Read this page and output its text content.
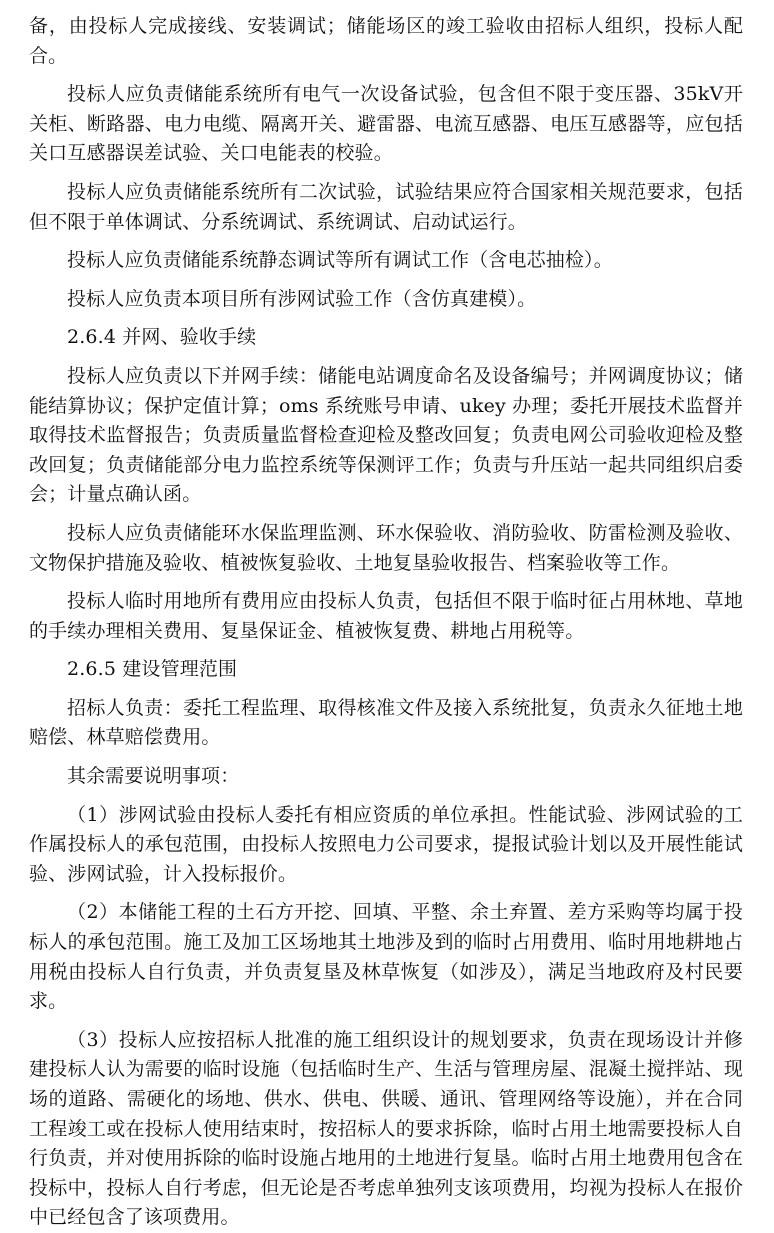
备，由投标人完成接线、安装调试；储能场区的竣工验收由招标人组织，投标人配合。

投标人应负责储能系统所有电气一次设备试验，包含但不限于变压器、35kV开关柜、断路器、电力电缆、隔离开关、避雷器、电流互感器、电压互感器等，应包括关口互感器误差试验、关口电能表的校验。

投标人应负责储能系统所有二次试验，试验结果应符合国家相关规范要求，包括但不限于单体调试、分系统调试、系统调试、启动试运行。

投标人应负责储能系统静态调试等所有调试工作（含电芯抽检）。

投标人应负责本项目所有涉网试验工作（含仿真建模）。

2.6.4 并网、验收手续

投标人应负责以下并网手续：储能电站调度命名及设备编号；并网调度协议；储能结算协议；保护定值计算；oms 系统账号申请、ukey 办理；委托开展技术监督并取得技术监督报告；负责质量监督检查迎检及整改回复；负责电网公司验收迎检及整改回复；负责储能部分电力监控系统等保测评工作；负责与升压站一起共同组织启委会；计量点确认函。

投标人应负责储能环水保监理监测、环水保验收、消防验收、防雷检测及验收、文物保护措施及验收、植被恢复验收、土地复垦验收报告、档案验收等工作。

投标人临时用地所有费用应由投标人负责，包括但不限于临时征占用林地、草地的手续办理相关费用、复垦保证金、植被恢复费、耕地占用税等。

2.6.5 建设管理范围

招标人负责：委托工程监理、取得核准文件及接入系统批复，负责永久征地土地赔偿、林草赔偿费用。

其余需要说明事项：

（1）涉网试验由投标人委托有相应资质的单位承担。性能试验、涉网试验的工作属投标人的承包范围，由投标人按照电力公司要求，提报试验计划以及开展性能试验、涉网试验，计入投标报价。

（2）本储能工程的土石方开挖、回填、平整、余土弃置、差方采购等均属于投标人的承包范围。施工及加工区场地其土地涉及到的临时占用费用、临时用地耕地占用税由投标人自行负责，并负责复垦及林草恢复（如涉及），满足当地政府及村民要求。

（3）投标人应按招标人批准的施工组织设计的规划要求，负责在现场设计并修建投标人认为需要的临时设施（包括临时生产、生活与管理房屋、混凝土搅拌站、现场的道路、需硬化的场地、供水、供电、供暖、通讯、管理网络等设施），并在合同工程竣工或在投标人使用结束时，按招标人的要求拆除，临时占用土地需要投标人自行负责，并对使用拆除的临时设施占地用的土地进行复垦。临时占用土地费用包含在投标中，投标人自行考虑，但无论是否考虑单独列支该项费用，均视为投标人在报价中已经包含了该项费用。
